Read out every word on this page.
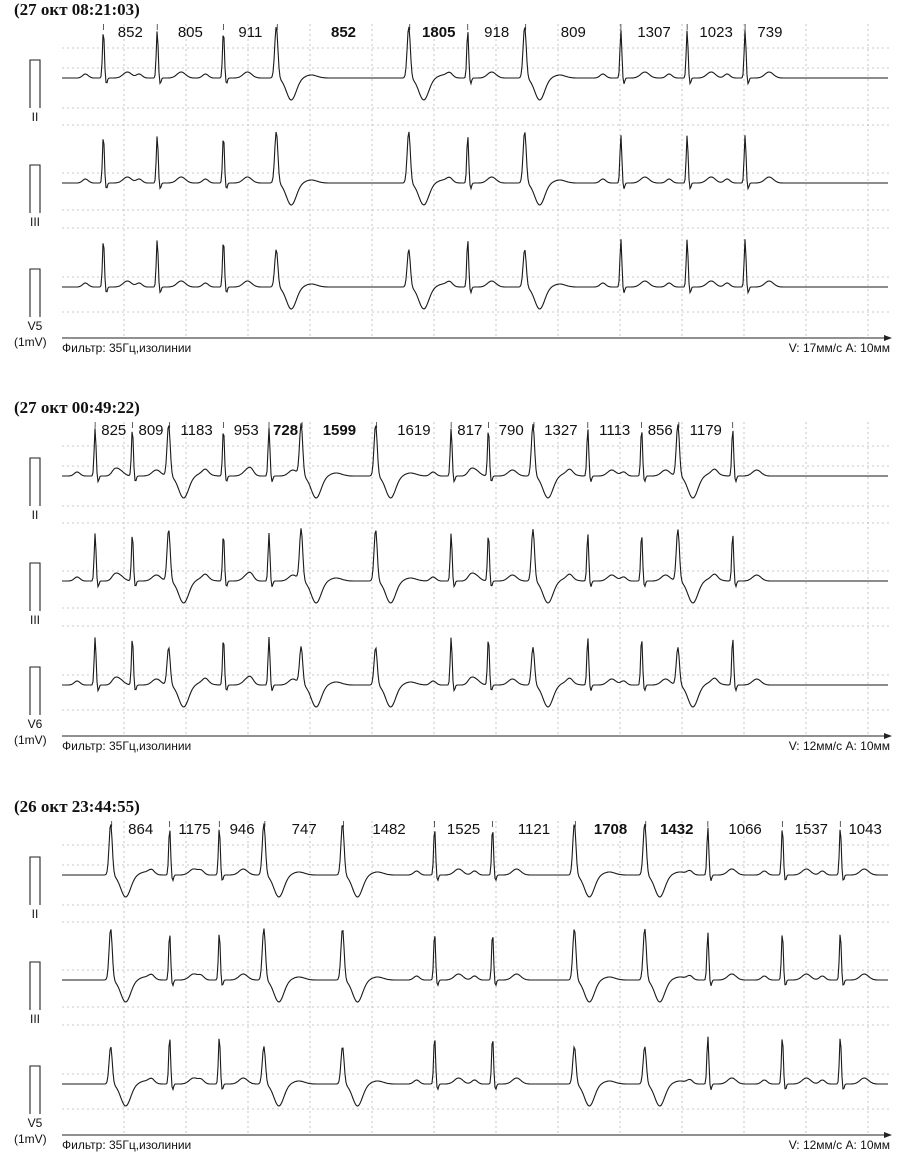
(27 окт 08:21:03)
852 805 911	852	1805 918	809	1307 1023 739
II
III
V5
(1mV) Фильтр: 35Гц,изолинии	V: 17мм/с A: 10мм
(27 окт 00:49:22)
825 809 1183 953 728 1599	1619 817 790 1327 1113 856 1179
II
III
V6
(1mV) Фильтр: 35Гц,изолинии	V: 12мм/с A: 10мм
(26 окт 23:44:55)
864 1175 946 747	1482	1525	1121	1708 1432 1066 1537 1043
II
III
V5
(1mV) Фильтр: 35Гц,изолинии	V: 12мм/с A: 10мм
